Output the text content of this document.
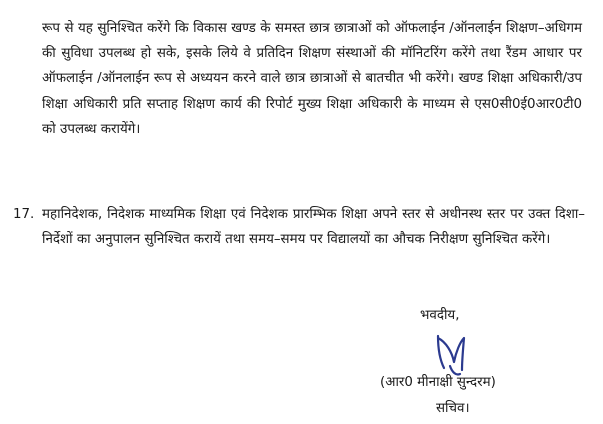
रूप से यह सुनिश्चित करेंगे कि विकास खण्ड के समस्त छात्र छात्राओं को ऑफलाईन /ऑनलाईन शिक्षण–अधिगम की सुविधा उपलब्ध हो सके, इसके लिये वे प्रतिदिन शिक्षण संस्थाओं की मॉनिटरिंग करेंगे तथा रैंडम आधार पर ऑफलाईन /ऑनलाईन रूप से अध्ययन करने वाले छात्र छात्राओं से बातचीत भी करेंगे। खण्ड शिक्षा अधिकारी/उप शिक्षा अधिकारी प्रति सप्ताह शिक्षण कार्य की रिपोर्ट मुख्य शिक्षा अधिकारी के माध्यम से एस0सी0ई0आर0टी0 को उपलब्ध करायेंगे।

17. महानिदेशक, निदेशक माध्यमिक शिक्षा एवं निदेशक प्रारम्भिक शिक्षा अपने स्तर से अधीनस्थ स्तर पर उक्त दिशा–निर्देशों का अनुपालन सुनिश्चित करायें तथा समय–समय पर विद्यालयों का औचक निरीक्षण सुनिश्चित करेंगे।

भवदीय,
(आर0 मीनाक्षी सुन्दरम)
सचिव।
